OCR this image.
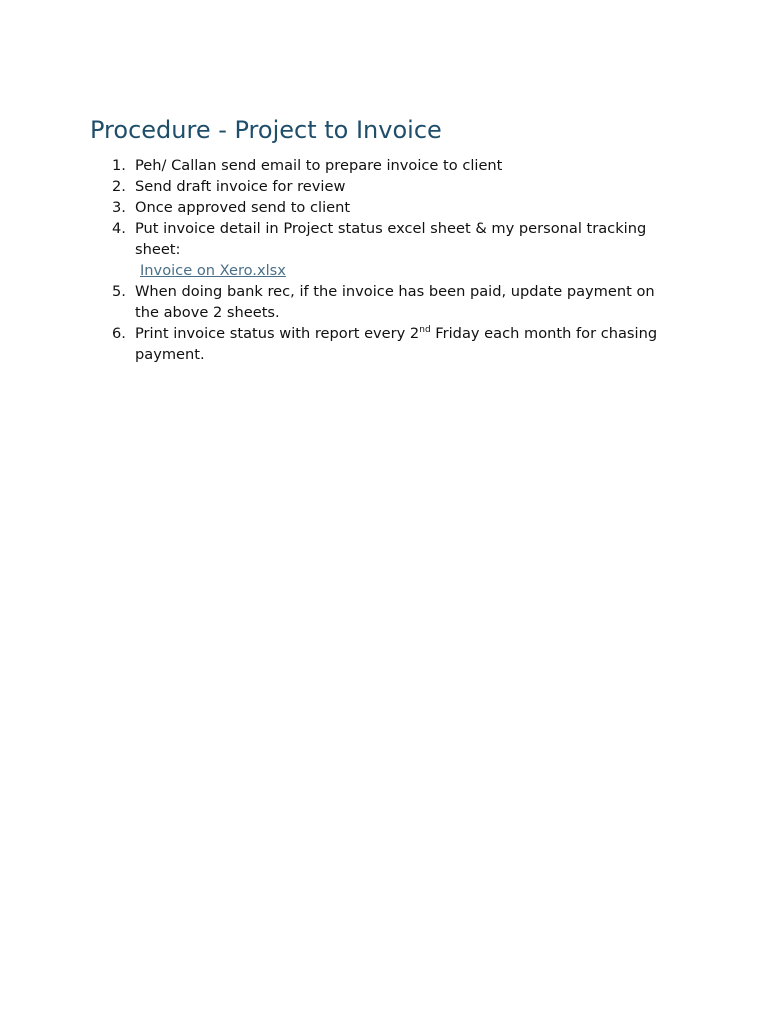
Procedure - Project to Invoice
1. Peh/ Callan send email to prepare invoice to client
2. Send draft invoice for review
3. Once approved send to client
4. Put invoice detail in Project status excel sheet & my personal tracking sheet:
Invoice on Xero.xlsx
5. When doing bank rec, if the invoice has been paid, update payment on the above 2 sheets.
6. Print invoice status with report every 2nd Friday each month for chasing payment.
